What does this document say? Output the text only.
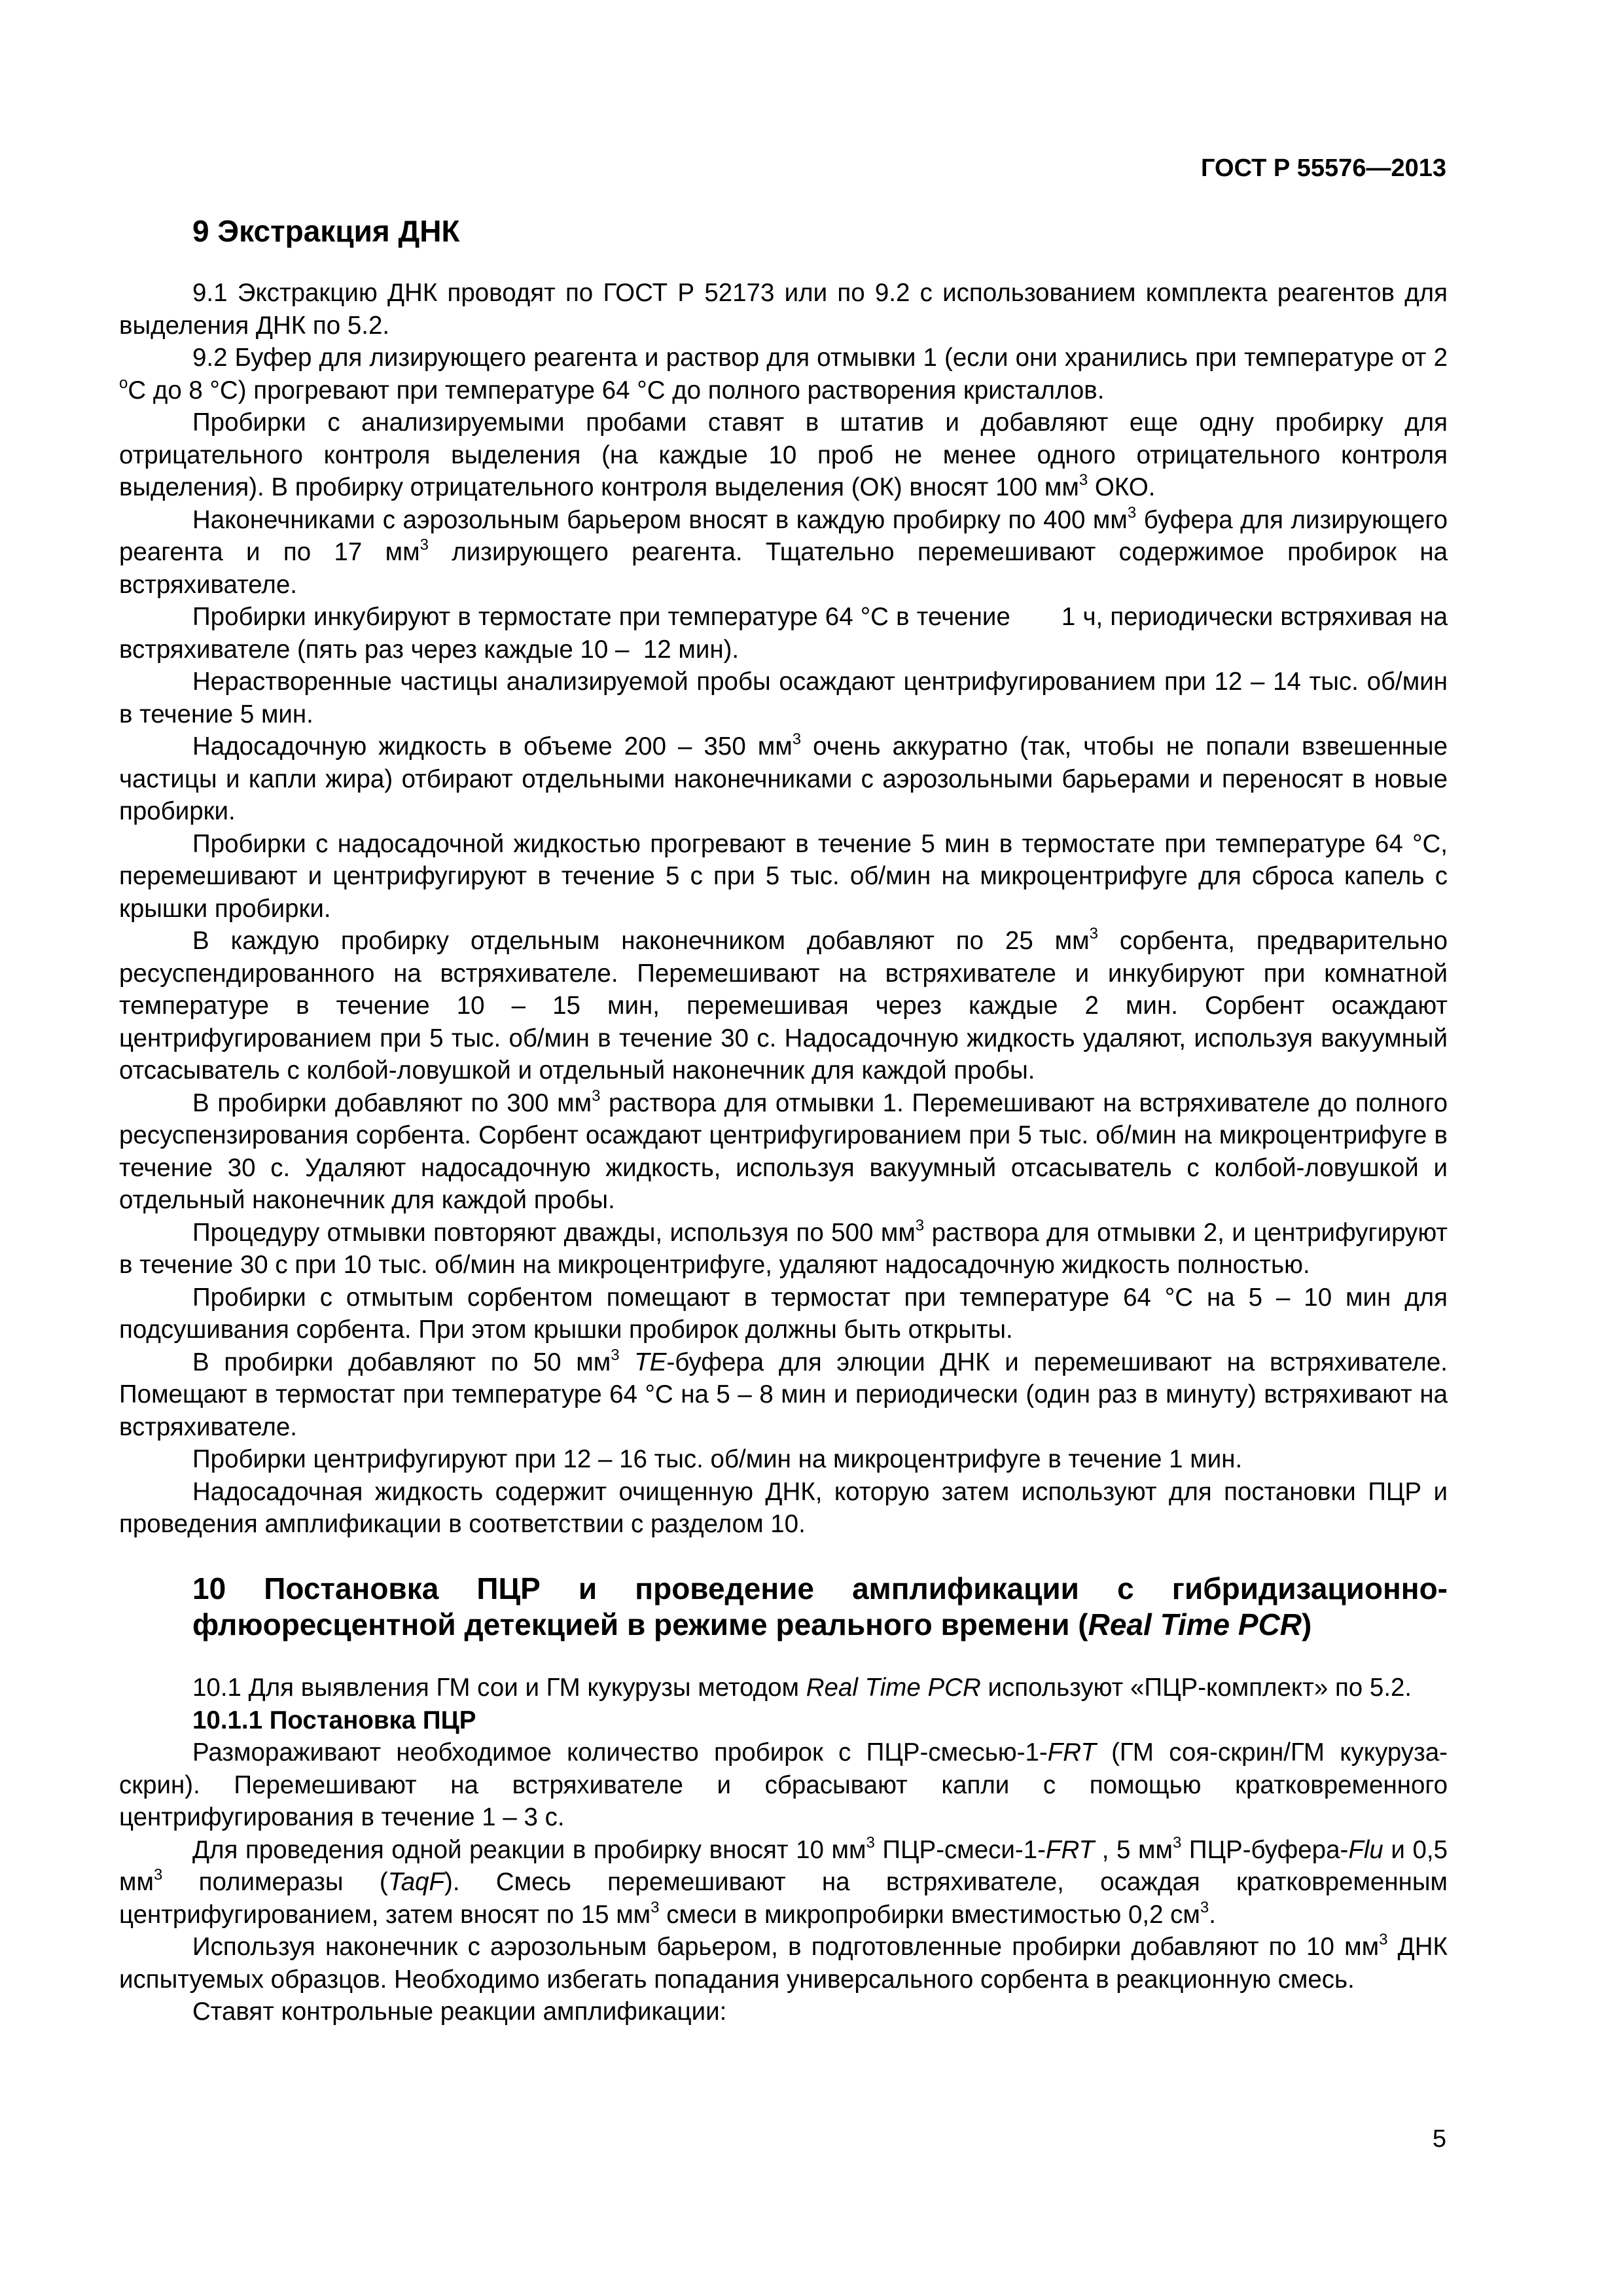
ГОСТ Р 55576—2013
9 Экстракция ДНК

9.1 Экстракцию ДНК проводят по ГОСТ Р 52173 или по 9.2 с использованием комплекта реагентов для выделения ДНК по 5.2.

9.2 Буфер для лизирующего реагента и раствор для отмывки 1 (если они хранились при температуре от 2 $^o$С до 8 °С) прогревают при температуре 64 °С до полного растворения кристаллов.

Пробирки с анализируемыми пробами ставят в штатив и добавляют еще одну пробирку для отрицательного контроля выделения (на каждые 10 проб не менее одного отрицательного контроля выделения). В пробирку отрицательного контроля выделения (ОК) вносят 100 $мм^3$ ОКО.

Наконечниками с аэрозольным барьером вносят в каждую пробирку по 400 $мм^3$ буфера для лизирующего реагента и по 17 $мм^3$ лизирующего реагента. Тщательно перемешивают содержимое пробирок на встряхивателе.

Пробирки инкубируют в термостате при температуре 64 °С в течение       1 ч, периодически встряхивая на  встряхивателе (пять раз через каждые 10 –  12 мин).

Нерастворенные частицы анализируемой пробы осаждают центрифугированием при 12 – 14 тыс. об/мин в течение 5 мин.

Надосадочную жидкость в объеме 200 – 350 $мм^3$ очень аккуратно (так, чтобы не попали взвешенные частицы и капли жира) отбирают отдельными наконечниками с аэрозольными барьерами и переносят в новые пробирки.

Пробирки с надосадочной жидкостью прогревают в течение 5 мин в термостате при температуре 64 °С, перемешивают и центрифугируют в течение 5 с при 5 тыс. об/мин на микроцентрифуге для сброса капель с крышки пробирки.

В каждую пробирку отдельным наконечником добавляют по 25 $мм^3$ сорбента, предварительно ресуспендированного на встряхивателе. Перемешивают на встряхивателе и инкубируют при комнатной температуре в течение 10 – 15 мин, перемешивая через каждые 2 мин. Сорбент осаждают центрифугированием при 5 тыс. об/мин в течение 30 с. Надосадочную жидкость удаляют, используя вакуумный отсасыватель с колбой-ловушкой и отдельный наконечник для каждой пробы.

В пробирки добавляют по 300 $мм^3$ раствора для отмывки 1. Перемешивают на встряхивателе до полного ресуспензирования сорбента. Сорбент осаждают центрифугированием при 5 тыс. об/мин на микроцентрифуге в течение 30 с. Удаляют надосадочную жидкость, используя вакуумный отсасыватель с колбой-ловушкой и отдельный наконечник для каждой пробы.

Процедуру отмывки повторяют дважды, используя по 500 $мм^3$ раствора для отмывки 2, и центрифугируют в течение 30 с при 10 тыс. об/мин на микроцентрифуге, удаляют надосадочную жидкость полностью.

Пробирки с отмытым сорбентом помещают в термостат при температуре 64 °С на 5 – 10 мин для подсушивания сорбента. При этом крышки пробирок должны быть открыты.

В пробирки добавляют по 50 $мм^3$ TE-буфера для элюции ДНК и перемешивают на встряхивателе. Помещают в термостат при температуре 64 °С на 5 – 8 мин и периодически (один раз в минуту) встряхивают на встряхивателе.

Пробирки центрифугируют при 12 – 16 тыс. об/мин на микроцентрифуге в течение 1 мин.

Надосадочная жидкость содержит очищенную ДНК, которую затем используют для постановки ПЦР и проведения амплификации в соответствии с разделом 10.

10 Постановка ПЦР и проведение амплификации с гибридизационно-флюоресцентной детекцией в режиме реального времени (Real Time PCR)

10.1 Для выявления ГМ сои и ГМ кукурузы методом Real Time PCR используют «ПЦР-комплект» по 5.2.

10.1.1 Постановка ПЦР

Размораживают необходимое количество пробирок с ПЦР-смесью-1-FRT (ГМ соя-скрин/ГМ кукуруза-скрин). Перемешивают на встряхивателе и сбрасывают капли с помощью кратковременного центрифугирования в течение 1 – 3 с.

Для проведения одной реакции в пробирку вносят 10 $мм^3$ ПЦР-смеси-1-FRT , 5 $мм^3$ ПЦР-буфера-Flu и 0,5 $мм^3$ полимеразы (TaqF). Смесь перемешивают на встряхивателе, осаждая кратковременным центрифугированием, затем вносят по 15 $мм^3$ смеси в микропробирки вместимостью 0,2 $см^3$.

Используя наконечник с аэрозольным барьером, в подготовленные пробирки добавляют по 10 $мм^3$ ДНК испытуемых образцов. Необходимо избегать попадания универсального сорбента в реакционную смесь.

Ставят контрольные реакции амплификации:

5
